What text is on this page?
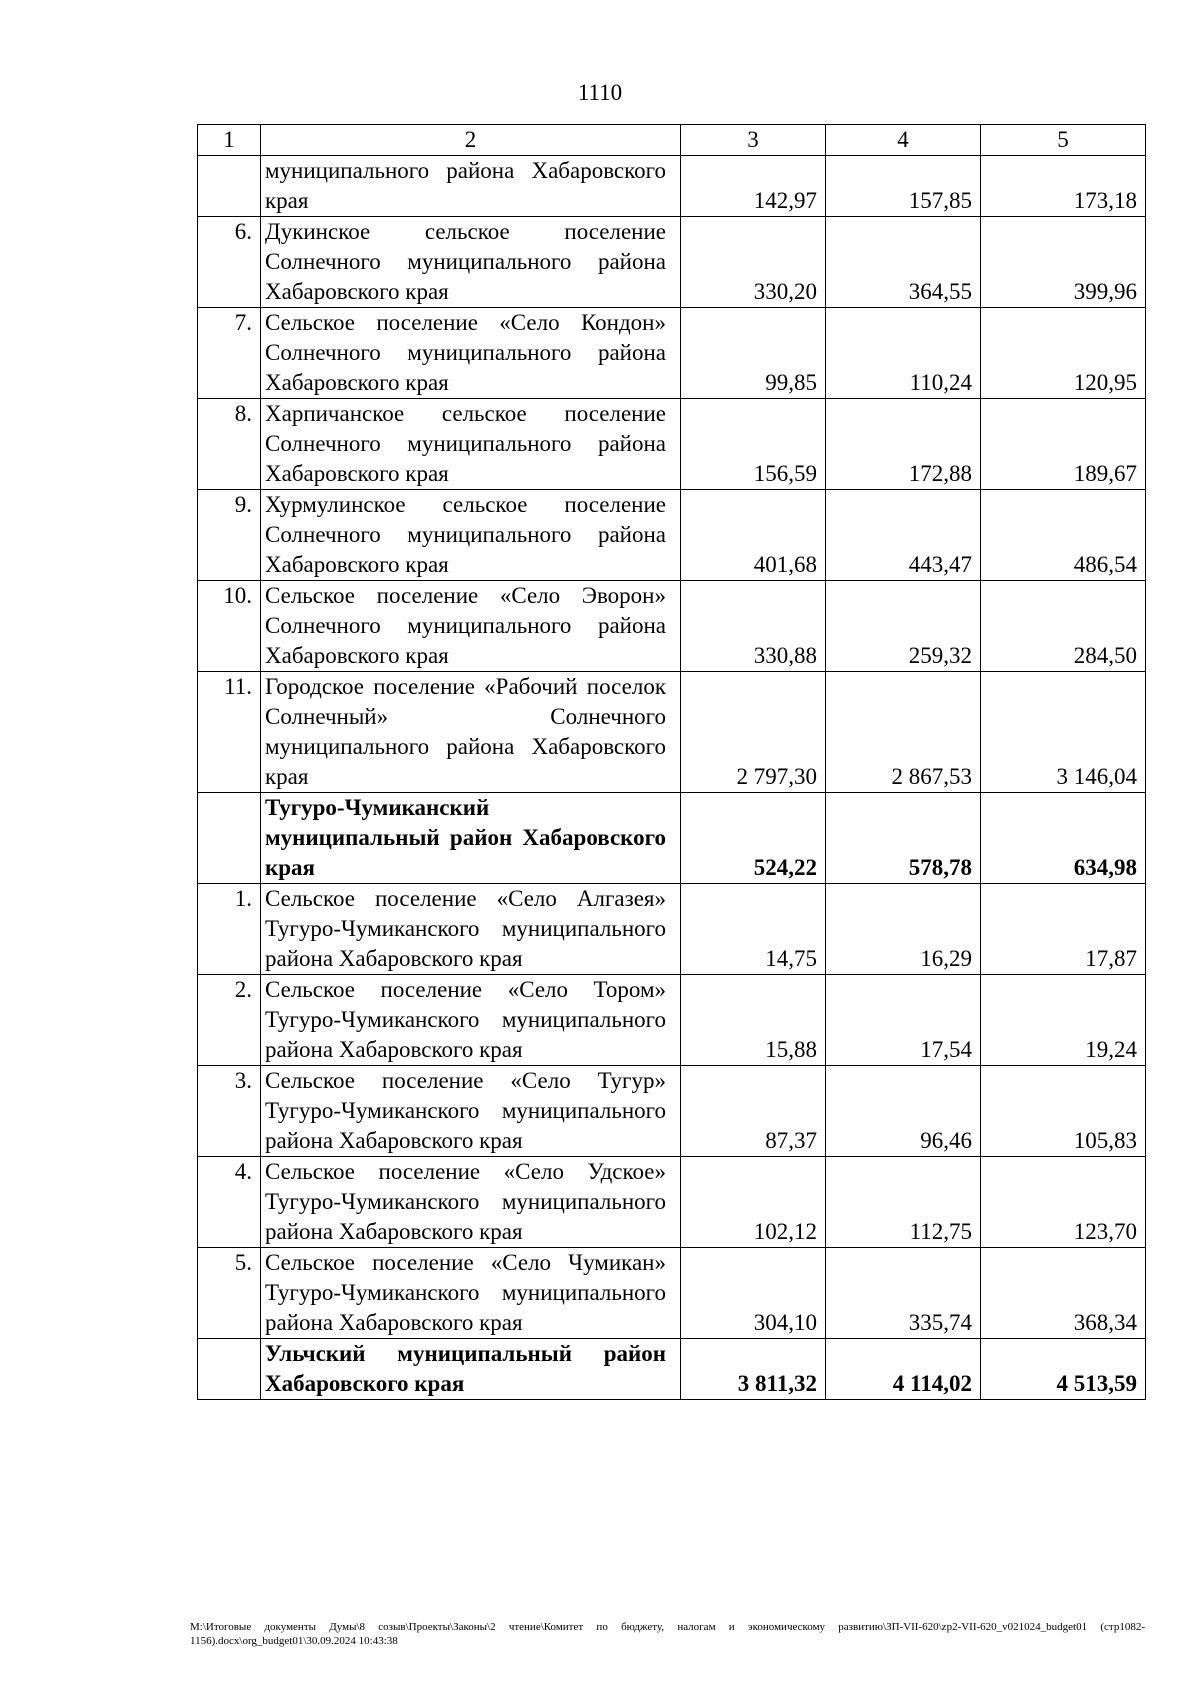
1110
1	2	3	4	5
	муниципального района Хабаровского края	142,97	157,85	173,18
6.	Дукинское сельское поселение Солнечного муниципального района Хабаровского края	330,20	364,55	399,96
7.	Сельское поселение «Село Кондон» Солнечного муниципального района Хабаровского края	99,85	110,24	120,95
8.	Харпичанское сельское поселение Солнечного муниципального района Хабаровского края	156,59	172,88	189,67
9.	Хурмулинское сельское поселение Солнечного муниципального района Хабаровского края	401,68	443,47	486,54
10.	Сельское поселение «Село Эворон» Солнечного муниципального района Хабаровского края	330,88	259,32	284,50
11.	Городское поселение «Рабочий поселок Солнечный» Солнечного муниципального района Хабаровского края	2 797,30	2 867,53	3 146,04
	Тугуро-Чумиканский муниципальный район Хабаровского края	524,22	578,78	634,98
1.	Сельское поселение «Село Алгазея» Тугуро-Чумиканского муниципального района Хабаровского края	14,75	16,29	17,87
2.	Сельское поселение «Село Тором» Тугуро-Чумиканского муниципального района Хабаровского края	15,88	17,54	19,24
3.	Сельское поселение «Село Тугур» Тугуро-Чумиканского муниципального района Хабаровского края	87,37	96,46	105,83
4.	Сельское поселение «Село Удское» Тугуро-Чумиканского муниципального района Хабаровского края	102,12	112,75	123,70
5.	Сельское поселение «Село Чумикан» Тугуро-Чумиканского муниципального района Хабаровского края	304,10	335,74	368,34
	Ульчский муниципальный район Хабаровского края	3 811,32	4 114,02	4 513,59
M:\Итоговые документы Думы\8 созыв\Проекты\Законы\2 чтение\Комитет по бюджету, налогам и экономическому развитию\ЗП-VII-620\zp2-VII-620_v021024_budget01 (стр1082-1156).docx\org_budget01\30.09.2024 10:43:38
